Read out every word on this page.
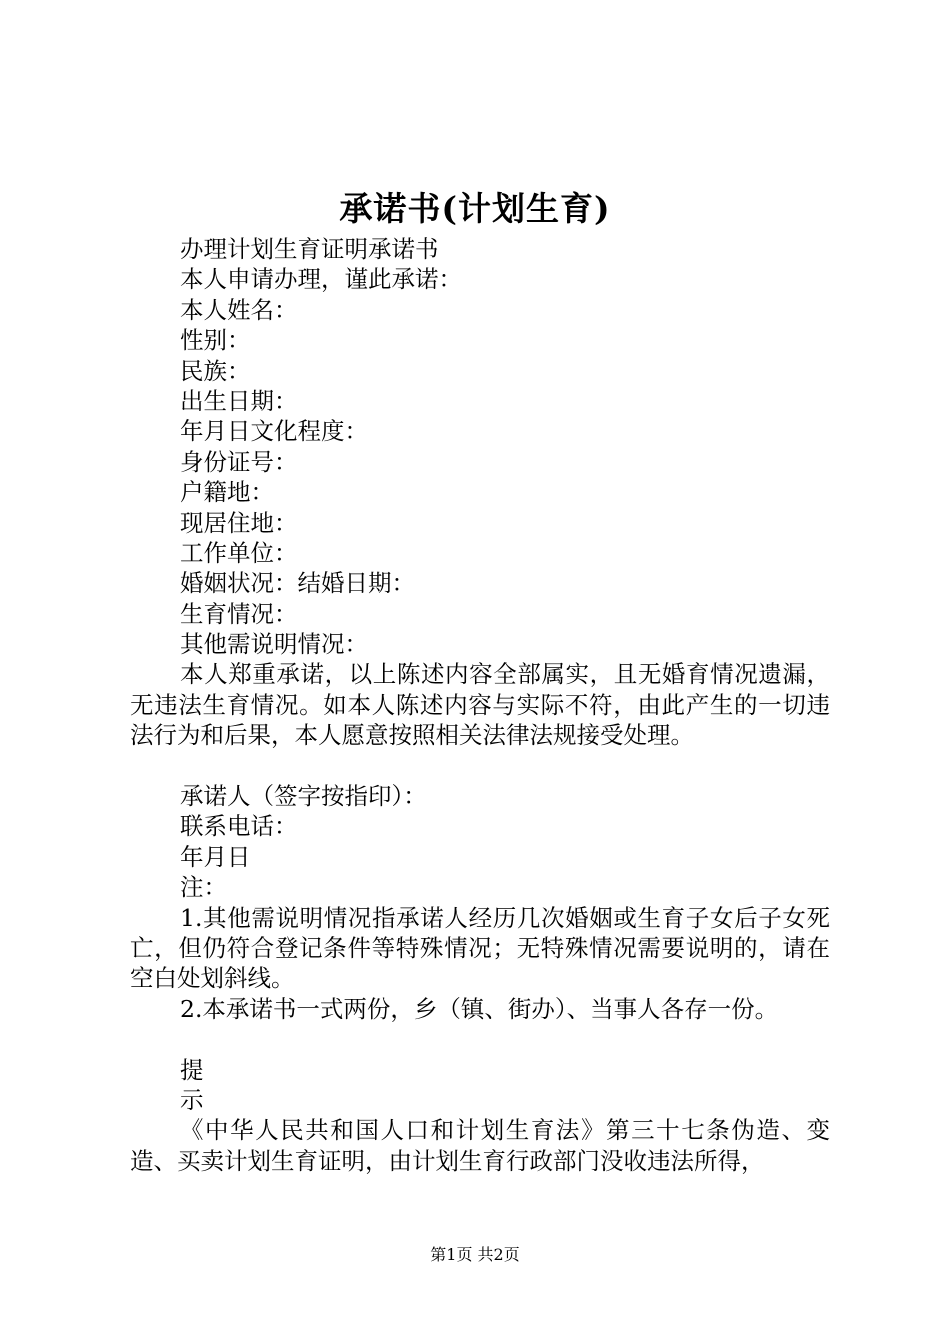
承诺书(计划生育)
办理计划生育证明承诺书
本人申请办理，谨此承诺：
本人姓名：
性别：
民族：
出生日期：
年月日文化程度：
身份证号：
户籍地：
现居住地：
工作单位：
婚姻状况：结婚日期：
生育情况：
其他需说明情况：
本人郑重承诺，以上陈述内容全部属实，且无婚育情况遗漏，无违法生育情况。如本人陈述内容与实际不符，由此产生的一切违法行为和后果，本人愿意按照相关法律法规接受处理。
承诺人（签字按指印）：
联系电话：
年月日
注：
1.其他需说明情况指承诺人经历几次婚姻或生育子女后子女死亡，但仍符合登记条件等特殊情况；无特殊情况需要说明的，请在空白处划斜线。
2.本承诺书一式两份，乡（镇、街办）、当事人各存一份。
提
示
《中华人民共和国人口和计划生育法》第三十七条伪造、变造、买卖计划生育证明，由计划生育行政部门没收违法所得，
第1页 共2页
